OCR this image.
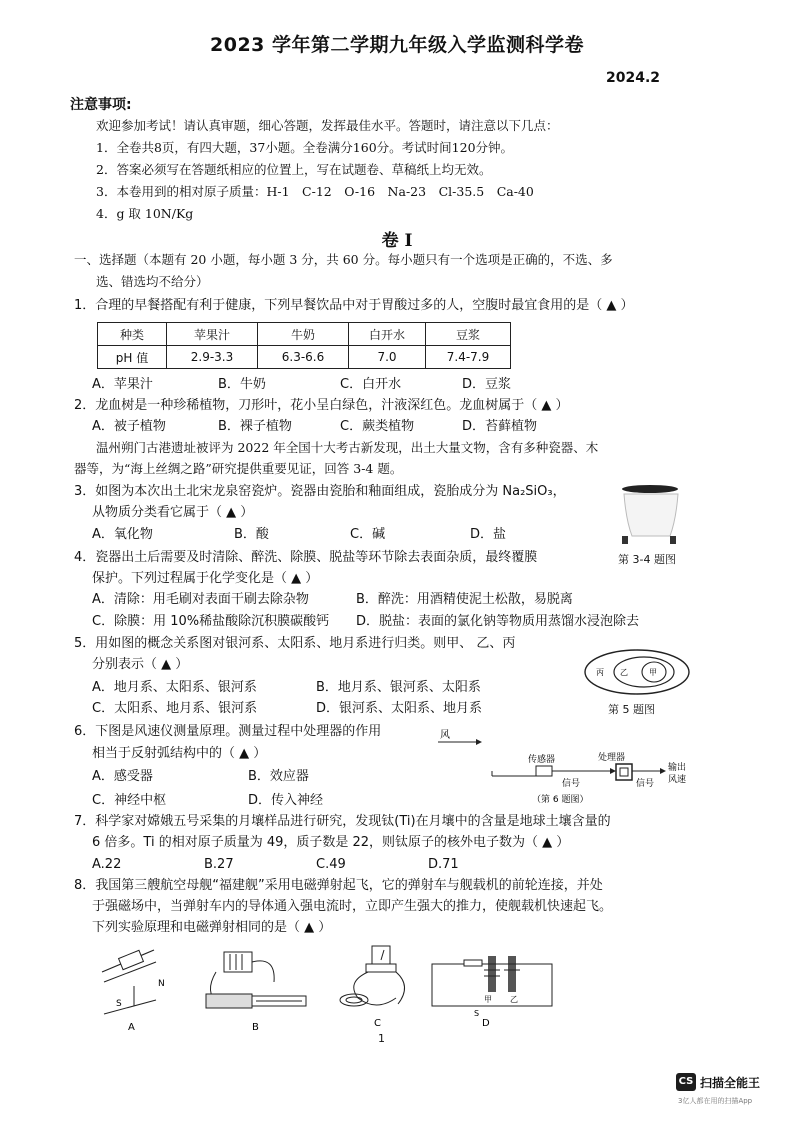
2023 学年第二学期九年级入学监测科学卷
2024.2
注意事项:
欢迎参加考试！请认真审题，细心答题，发挥最佳水平。答题时，请注意以下几点：
1．全卷共8页，有四大题，37小题。全卷满分160分。考试时间120分钟。
2．答案必须写在答题纸相应的位置上，写在试题卷、草稿纸上均无效。
3．本卷用到的相对原子质量：H-1　C-12　O-16　Na-23　Cl-35.5　Ca-40
4．g 取 10N/Kg
卷 I
一、选择题（本题有 20 小题，每小题 3 分，共 60 分。每小题只有一个选项是正确的，不选、多
选、错选均不给分）
1．合理的早餐搭配有利于健康，下列早餐饮品中对于胃酸过多的人，空腹时最宜食用的是（ ▲ ）
种类	苹果汁	牛奶	白开水	豆浆
pH 值	2.9-3.3	6.3-6.6	7.0	7.4-7.9
A．苹果汁	B．牛奶	C．白开水	D．豆浆
2．龙血树是一种珍稀植物，刀形叶，花小呈白绿色，汁液深红色。龙血树属于（ ▲ ）
A．被子植物	B．裸子植物	C．蕨类植物	D．苔藓植物
温州朔门古港遗址被评为 2022 年全国十大考古新发现，出土大量文物，含有多种瓷器、木
器等，为“海上丝绸之路”研究提供重要见证，回答 3-4 题。
3．如图为本次出土北宋龙泉窑瓷炉。瓷器由瓷胎和釉面组成，瓷胎成分为 Na₂SiO₃，
从物质分类看它属于（ ▲ ）
A．氧化物	B．酸	C．碱	D．盐
第 3-4 题图
4．瓷器出土后需要及时清除、醉洗、除膜、脱盐等环节除去表面杂质，最终覆膜
保护。下列过程属于化学变化是（ ▲ ）
A．清除：用毛刷对表面干刷去除杂物	B．醉洗：用酒精使泥土松散，易脱离
C．除膜：用 10%稀盐酸除沉积膜碳酸钙 D．脱盐：表面的氯化钠等物质用蒸馏水浸泡除去
5．用如图的概念关系图对银河系、太阳系、地月系进行归类。则甲、 乙、丙
分别表示（ ▲ ）
A．地月系、太阳系、银河系	B．地月系、银河系、太阳系
C．太阳系、地月系、银河系	D．银河系、太阳系、地月系
丙 乙	甲
第 5 题图
6．下图是风速仪测量原理。测量过程中处理器的作用
相当于反射弧结构中的（ ▲ ）
A．感受器	B．效应器
C．神经中枢	D．传入神经
风
传感器
信号
处理器
信号
输出
风速
（第 6 题图）
7．科学家对嫦娥五号采集的月壤样品进行研究，发现钛(Ti)在月壤中的含量是地球土壤含量的
6 倍多。Ti 的相对原子质量为 49，质子数是 22，则钛原子的核外电子数为（ ▲ ）
A.22	B.27	C.49	D.71
8．我国第三艘航空母舰“福建舰”采用电磁弹射起飞，它的弹射车与舰载机的前轮连接，并处
于强磁场中，当弹射车内的导体通入强电流时，立即产生强大的推力，使舰载机快速起飞。
下列实验原理和电磁弹射相同的是（ ▲ ）
S
N
A	B	C
甲 乙
S
D
1
CS 扫描全能王
3亿人都在用的扫描App
